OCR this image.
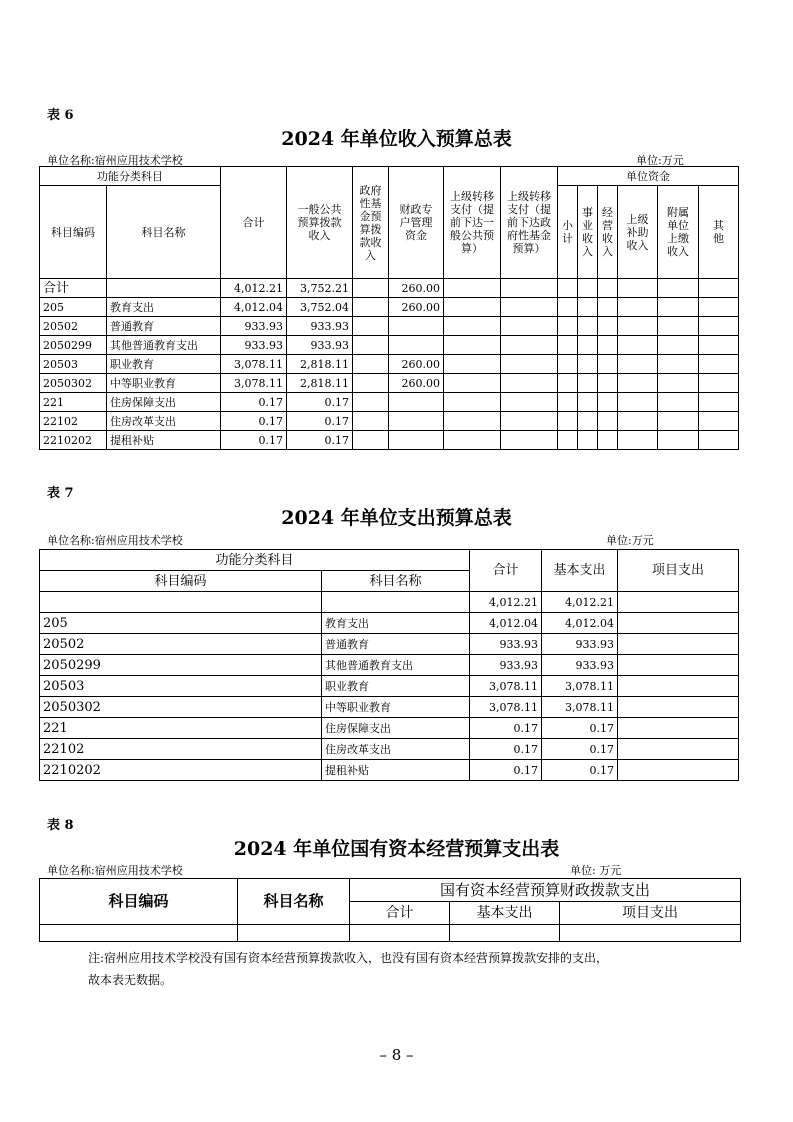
表 6
2024 年单位收入预算总表
单位名称:宿州应用技术学校	单位:万元
功能分类科目		合计	一般公共预算拨款收入	政府性基金预算拨款收入	财政专户管理资金	上级转移支付（提前下达一般公共预算）	上级转移支付（提前下达政府性基金预算）	单位资金					
科目编码	科目名称							小计	事业收入	经营收入	上级补助收入	附属单位上缴收入	其他
合计		4,012.21	3,752.21		260.00								
205	教育支出	4,012.04	3,752.04		260.00								
20502	普通教育	933.93	933.93										
2050299	其他普通教育支出	933.93	933.93										
20503	职业教育	3,078.11	2,818.11		260.00								
2050302	中等职业教育	3,078.11	2,818.11		260.00								
221	住房保障支出	0.17	0.17										
22102	住房改革支出	0.17	0.17										
2210202	提租补贴	0.17	0.17										
表 7
2024 年单位支出预算总表
单位名称:宿州应用技术学校	单位:万元
功能分类科目		合计	基本支出	项目支出
科目编码	科目名称			
		4,012.21	4,012.21	
205	教育支出	4,012.04	4,012.04	
20502	普通教育	933.93	933.93	
2050299	其他普通教育支出	933.93	933.93	
20503	职业教育	3,078.11	3,078.11	
2050302	中等职业教育	3,078.11	3,078.11	
221	住房保障支出	0.17	0.17	
22102	住房改革支出	0.17	0.17	
2210202	提租补贴	0.17	0.17	
表 8
2024 年单位国有资本经营预算支出表
单位名称:宿州应用技术学校	单位: 万元
科目编码	科目名称	国有资本经营预算财政拨款支出		
		合计	基本支出	项目支出

注:宿州应用技术学校没有国有资本经营预算拨款收入，也没有国有资本经营预算拨款安排的支出，
故本表无数据。
– 8 –
